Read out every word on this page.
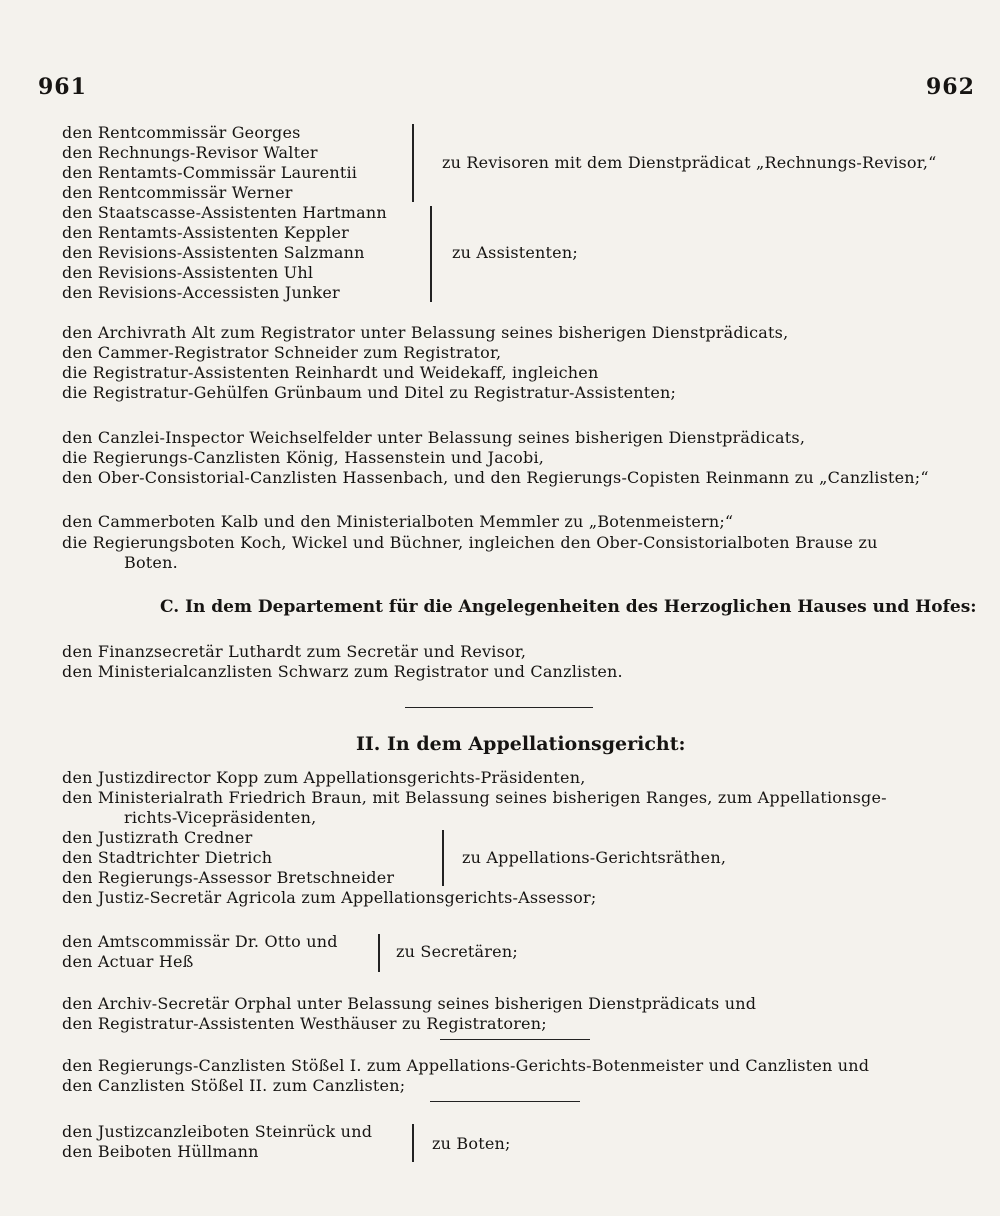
961	962
den Rentcommissär Georges
den Rechnungs-Revisor Walter
den Rentamts-Commissär Laurentii
den Rentcommissär Werner
zu Revisoren mit dem Dienstprädicat „Rechnungs-Revisor,“
den Staatscasse-Assistenten Hartmann
den Rentamts-Assistenten Keppler
den Revisions-Assistenten Salzmann
den Revisions-Assistenten Uhl
den Revisions-Accessisten Junker
zu Assistenten;
den Archivrath Alt zum Registrator unter Belassung seines bisherigen Dienstprädicats,
den Cammer-Registrator Schneider zum Registrator,
die Registratur-Assistenten Reinhardt und Weidekaff, ingleichen
die Registratur-Gehülfen Grünbaum und Ditel zu Registratur-Assistenten;
den Canzlei-Inspector Weichselfelder unter Belassung seines bisherigen Dienstprädicats,
die Regierungs-Canzlisten König, Hassenstein und Jacobi,
den Ober-Consistorial-Canzlisten Hassenbach, und den Regierungs-Copisten Reinmann zu „Canzlisten;“
den Cammerboten Kalb und den Ministerialboten Memmler zu „Botenmeistern;“
die Regierungsboten Koch, Wickel und Büchner, ingleichen den Ober-Consistorialboten Brause zu
Boten.
C. In dem Departement für die Angelegenheiten des Herzoglichen Hauses und Hofes:
den Finanzsecretär Luthardt zum Secretär und Revisor,
den Ministerialcanzlisten Schwarz zum Registrator und Canzlisten.
II. In dem Appellationsgericht:
den Justizdirector Kopp zum Appellationsgerichts-Präsidenten,
den Ministerialrath Friedrich Braun, mit Belassung seines bisherigen Ranges, zum Appellationsge-
richts-Vicepräsidenten,
den Justizrath Credner
den Stadtrichter Dietrich
den Regierungs-Assessor Bretschneider
zu Appellations-Gerichtsräthen,
den Justiz-Secretär Agricola zum Appellationsgerichts-Assessor;
den Amtscommissär Dr. Otto und
den Actuar Heß
zu Secretären;
den Archiv-Secretär Orphal unter Belassung seines bisherigen Dienstprädicats und
den Registratur-Assistenten Westhäuser zu Registratoren;
den Regierungs-Canzlisten Stößel I. zum Appellations-Gerichts-Botenmeister und Canzlisten und
den Canzlisten Stößel II. zum Canzlisten;
den Justizcanzleiboten Steinrück und
den Beiboten Hüllmann	zu Boten;
